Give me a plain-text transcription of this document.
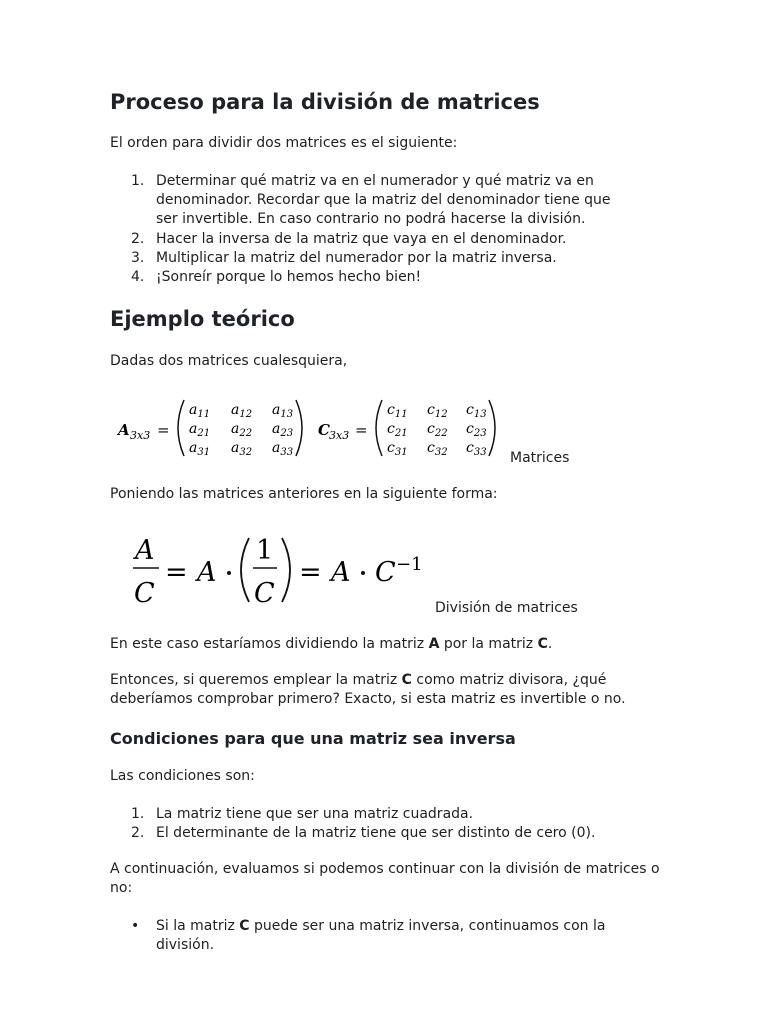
Proceso para la división de matrices
El orden para dividir dos matrices es el siguiente:
1. Determinar qué matriz va en el numerador y qué matriz va en denominador. Recordar que la matriz del denominador tiene que ser invertible. En caso contrario no podrá hacerse la división.
2. Hacer la inversa de la matriz que vaya en el denominador.
3. Multiplicar la matriz del numerador por la matriz inversa.
4. ¡Sonreír porque lo hemos hecho bien!
Ejemplo teórico
Dadas dos matrices cualesquiera,
A 3x3 =
$a_{11}$ $a_{12}$ $a_{13}$
$a_{21}$ $a_{22}$ $a_{23}$
$a_{31}$ $a_{32}$ $a_{33}$
C 3x3 =
$c_{11}$ $c_{12}$ $c_{13}$
$c_{21}$ $c_{22}$ $c_{23}$
$c_{31}$ $c_{32}$ $c_{33}$ Matrices
Poniendo las matrices anteriores en la siguiente forma:
A
C
= A
1
C
= A C −1
División de matrices
En este caso estaríamos dividiendo la matriz A por la matriz C.
Entonces, si queremos emplear la matriz C como matriz divisora, ¿qué
deberíamos comprobar primero? Exacto, si esta matriz es invertible o no.
Condiciones para que una matriz sea inversa
Las condiciones son:
1. La matriz tiene que ser una matriz cuadrada.
2. El determinante de la matriz tiene que ser distinto de cero (0).
A continuación, evaluamos si podemos continuar con la división de matrices o
no:
• Si la matriz C puede ser una matriz inversa, continuamos con la división.
